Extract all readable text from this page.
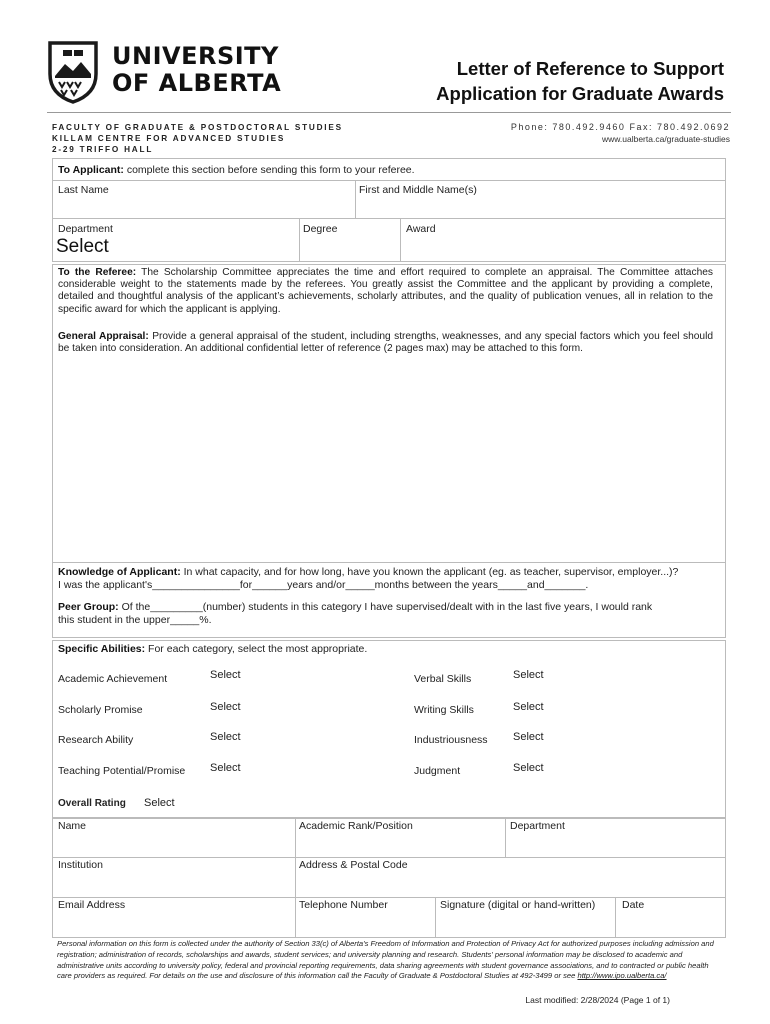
UNIVERSITY
OF ALBERTA
Letter of Reference to Support
Application for Graduate Awards
FACULTY OF GRADUATE & POSTDOCTORAL STUDIES
KILLAM CENTRE FOR ADVANCED STUDIES
2-29 TRIFFO HALL
Phone: 780.492.9460 Fax: 780.492.0692
www.ualberta.ca/graduate-studies
To Applicant: complete this section before sending this form to your referee.
Last Name	First and Middle Name(s)
Department
Select
Degree	Award
To the Referee: The Scholarship Committee appreciates the time and effort required to complete an appraisal. The Committee attaches considerable weight to the statements made by the referees. You greatly assist the Committee and the applicant by providing a complete, detailed and thoughtful analysis of the applicant’s achievements, scholarly attributes, and the quality of publication venues, all in relation to the specific award for which the applicant is applying.
General Appraisal: Provide a general appraisal of the student, including strengths, weaknesses, and any special factors which you feel should be taken into consideration. An additional confidential letter of reference (2 pages max) may be attached to this form.
Knowledge of Applicant: In what capacity, and for how long, have you known the applicant (eg. as teacher, supervisor, employer...)?
I was the applicant's_______________for______years and/or_____months between the years_____and_______.
Peer Group: Of the_________(number) students in this category I have supervised/dealt with in the last five years, I would rank
this student in the upper_____%.
Specific Abilities: For each category, select the most appropriate.
Academic Achievement	Select	Verbal Skills	Select
Scholarly Promise	Select	Writing Skills	Select
Research Ability	Select	Industriousness Select
Teaching Potential/Promise Select	Judgment	Select
Overall Rating Select
Name	Academic Rank/Position	Department
Institution	Address & Postal Code
Email Address	Telephone Number	Signature (digital or hand-written)	Date
Personal information on this form is collected under the authority of Section 33(c) of Alberta's Freedom of Information and Protection of Privacy Act for authorized purposes including admission and registration; administration of records, scholarships and awards, student services; and university planning and research. Students' personal information may be disclosed to academic and administrative units according to university policy, federal and provincial reporting requirements, data sharing agreements with student governance associations, and to contracted or public health care providers as required. For details on the use and disclosure of this information call the Faculty of Graduate & Postdoctoral Studies at 492-3499 or see http://www.ipo.ualberta.ca/
Last modified: 2/28/2024 (Page 1 of 1)
